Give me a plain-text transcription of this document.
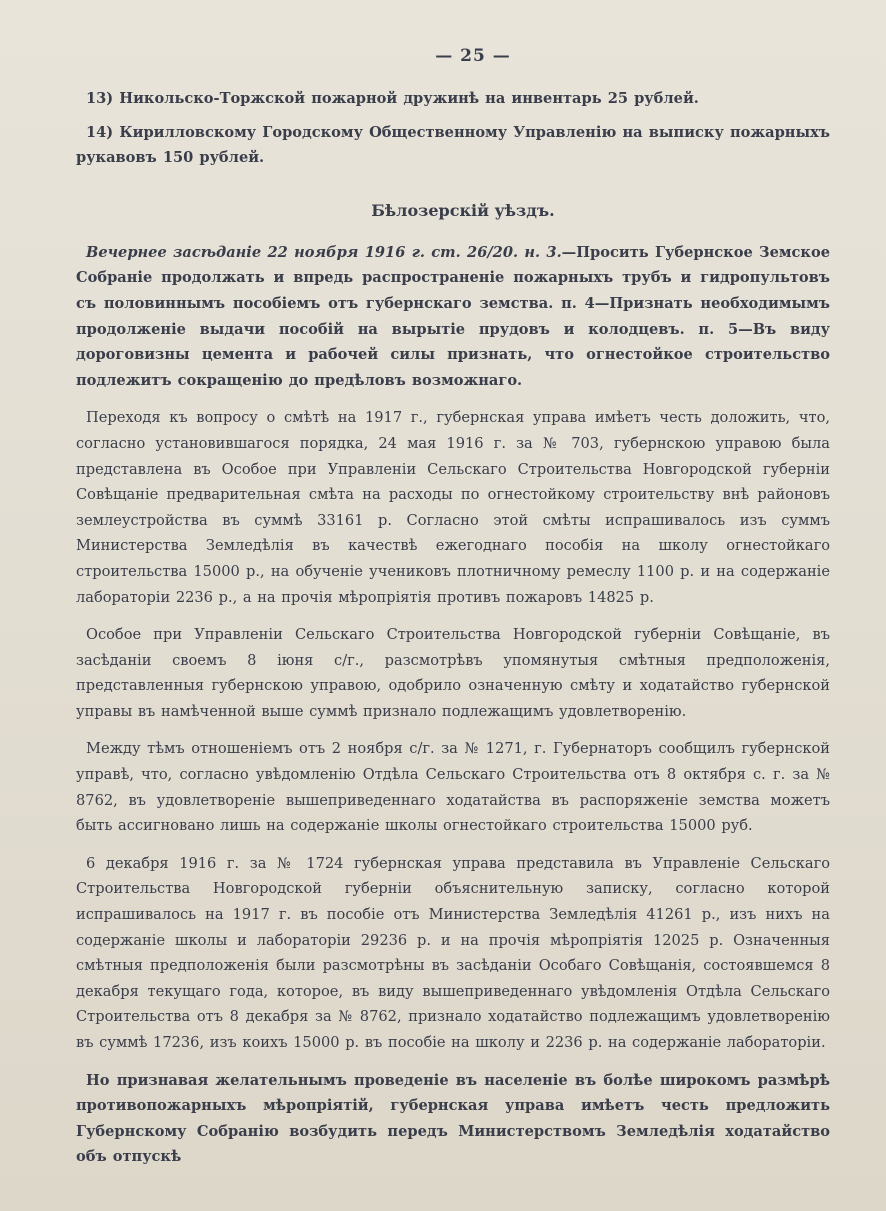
— 25 —

13) Никольско-Торжской пожарной дружинѣ на инвентарь 25 рублей.

14) Кирилловскому Городскому Общественному Управленію на выписку пожарныхъ рукавовъ 150 рублей.

Бѣлозерскій уѣздъ.

Вечернее засѣданіе 22 ноября 1916 г. ст. 26/20. н. 3.—Просить Губернское Земское Собраніе продолжать и впредь распространеніе пожарныхъ трубъ и гидропультовъ съ половиннымъ пособіемъ отъ губернскаго земства. п. 4—Признать необходимымъ продолженіе выдачи пособій на вырытіе прудовъ и колодцевъ. п. 5—Въ виду дороговизны цемента и рабочей силы признать, что огнестойкое строительство подлежитъ сокращенію до предѣловъ возможнаго.

Переходя къ вопросу о смѣтѣ на 1917 г., губернская управа имѣетъ честь доложить, что, согласно установившагося порядка, 24 мая 1916 г. за № 703, губернскою управою была представлена въ Особое при Управленіи Сельскаго Строительства Новгородской губерніи Совѣщаніе предварительная смѣта на расходы по огнестойкому строительству внѣ районовъ землеустройства въ суммѣ 33161 р. Согласно этой смѣты испрашивалось изъ суммъ Министерства Земледѣлія въ качествѣ ежегоднаго пособія на школу огнестойкаго строительства 15000 р., на обученіе учениковъ плотничному ремеслу 1100 р. и на содержаніе лабораторіи 2236 р., а на прочія мѣропріятія противъ пожаровъ 14825 р.

Особое при Управленіи Сельскаго Строительства Новгородской губерніи Совѣщаніе, въ засѣданіи своемъ 8 іюня с/г., разсмотрѣвъ упомянутыя смѣтныя предположенія, представленныя губернскою управою, одобрило означенную смѣту и ходатайство губернской управы въ намѣченной выше суммѣ признало подлежащимъ удовлетворенію.

Между тѣмъ отношеніемъ отъ 2 ноября с/г. за № 1271, г. Губернаторъ сообщилъ губернской управѣ, что, согласно увѣдомленію Отдѣла Сельскаго Строительства отъ 8 октября с. г. за № 8762, въ удовлетвореніе вышеприведеннаго ходатайства въ распоряженіе земства можетъ быть ассигновано лишь на содержаніе школы огнестойкаго строительства 15000 руб.

6 декабря 1916 г. за № 1724 губернская управа представила въ Управленіе Сельскаго Строительства Новгородской губерніи объяснительную записку, согласно которой испрашивалось на 1917 г. въ пособіе отъ Министерства Земледѣлія 41261 р., изъ нихъ на содержаніе школы и лабораторіи 29236 р. и на прочія мѣропріятія 12025 р. Означенныя смѣтныя предположенія были разсмотрѣны въ засѣданіи Особаго Совѣщанія, состоявшемся 8 декабря текущаго года, которое, въ виду вышеприведеннаго увѣдомленія Отдѣла Сельскаго Строительства отъ 8 декабря за № 8762, признало ходатайство подлежащимъ удовлетворенію въ суммѣ 17236, изъ коихъ 15000 р. въ пособіе на школу и 2236 р. на содержаніе лабораторіи.

Но признавая желательнымъ проведеніе въ населеніе въ болѣе широкомъ размѣрѣ противопожарныхъ мѣропріятій, губернская управа имѣетъ честь предложить Губернскому Собранію возбудить передъ Министерствомъ Земледѣлія ходатайство объ отпускѣ
